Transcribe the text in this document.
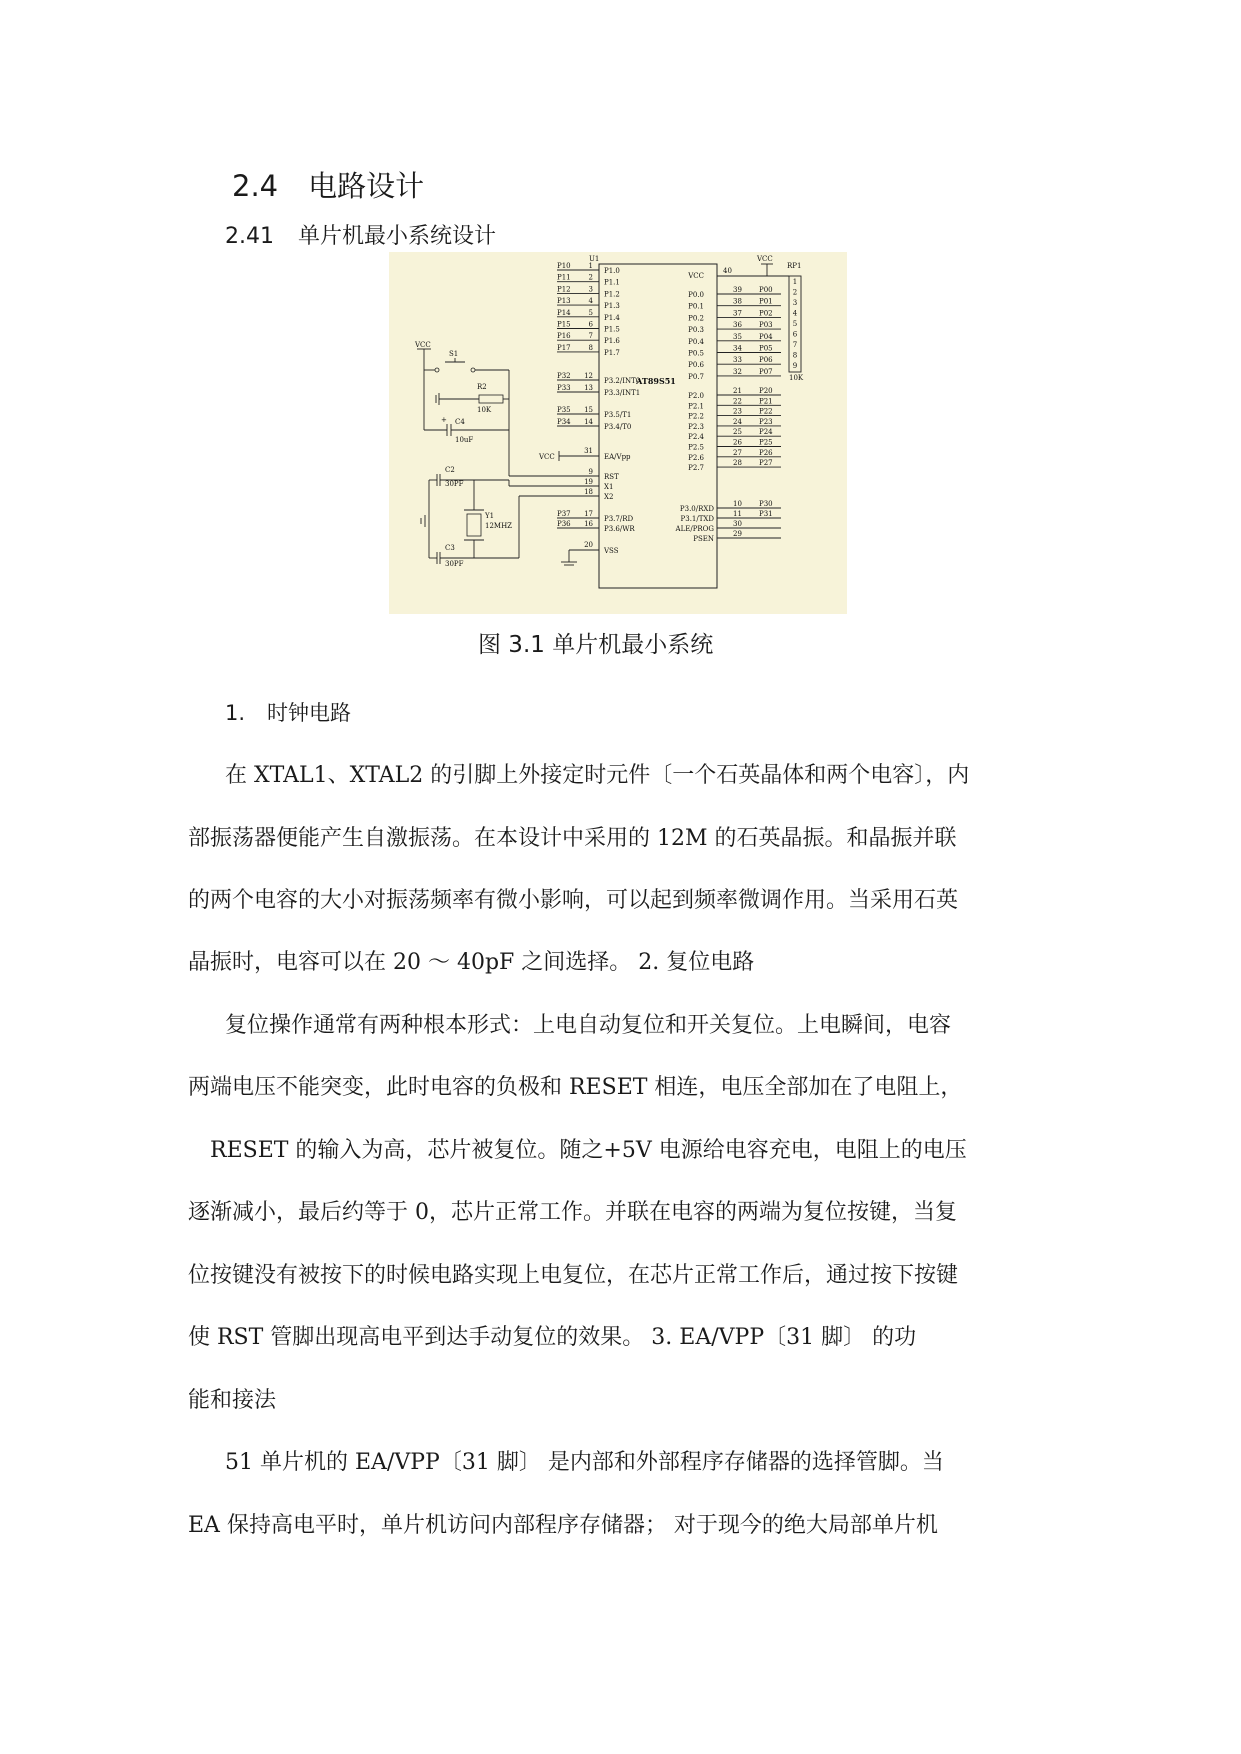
2.4 电路设计
2.41 单片机最小系统设计
U1
AT89S51
VCC
40
VCC
P10	1
P1.0
P11	2
P1.1
P12	3
P1.2
P13	4
P1.3
P14	5
P1.4
P15	6
P1.5
P16	7
P1.6
P17	8
P1.7
P0.0
39 P00
P0.1
38 P01
P0.2
37 P02
P0.3
36 P03
P0.4
35 P04
P0.5
34 P05
P0.6
33 P06
P0.7
32 P07
RP1
10K
1
2
3
4
5
6
7
8
9
P32 12
P3.2/INT0
P33 13
P3.3/INT1
P35 15
P3.5/T1
P34 14
P3.4/T0
VCC
31
EA/Vpp
9
RST
19
X1
18
X2
P37 17
P3.7/RD
P36 16
P3.6/WR
20
VSS
P2.0
21 P20
P2.1
22 P21
P2.2
23 P22
P2.3
24 P23
P2.4
25 P24
P2.5
26 P25
P2.6
27 P26
P2.7
28 P27
P3.0/RXD
10 P30
P3.1/TXD
11 P31
ALE/PROG
30
PSEN
29
VCC
S1
R2
10K
+ C4
10uF
C2
30PF
C3
30PF
Y1
12MHZ
图 3.1 单片机最小系统
1. 时钟电路
在 XTAL1、XTAL2 的引脚上外接定时元件〔一个石英晶体和两个电容〕，内
部振荡器便能产生自激振荡。在本设计中采用的 12M 的石英晶振。和晶振并联
的两个电容的大小对振荡频率有微小影响，可以起到频率微调作用。当采用石英
晶振时，电容可以在 20 ～ 40pF 之间选择。 2. 复位电路
复位操作通常有两种根本形式：上电自动复位和开关复位。上电瞬间，电容
两端电压不能突变，此时电容的负极和 RESET 相连，电压全部加在了电阻上，
RESET 的输入为高，芯片被复位。随之+5V 电源给电容充电，电阻上的电压
逐渐减小，最后约等于 0，芯片正常工作。并联在电容的两端为复位按键，当复
位按键没有被按下的时候电路实现上电复位，在芯片正常工作后，通过按下按键
使 RST 管脚出现高电平到达手动复位的效果。 3. EA/VPP〔31 脚〕 的功
能和接法
51 单片机的 EA/VPP〔31 脚〕 是内部和外部程序存储器的选择管脚。当
EA 保持高电平时，单片机访问内部程序存储器； 对于现今的绝大局部单片机
